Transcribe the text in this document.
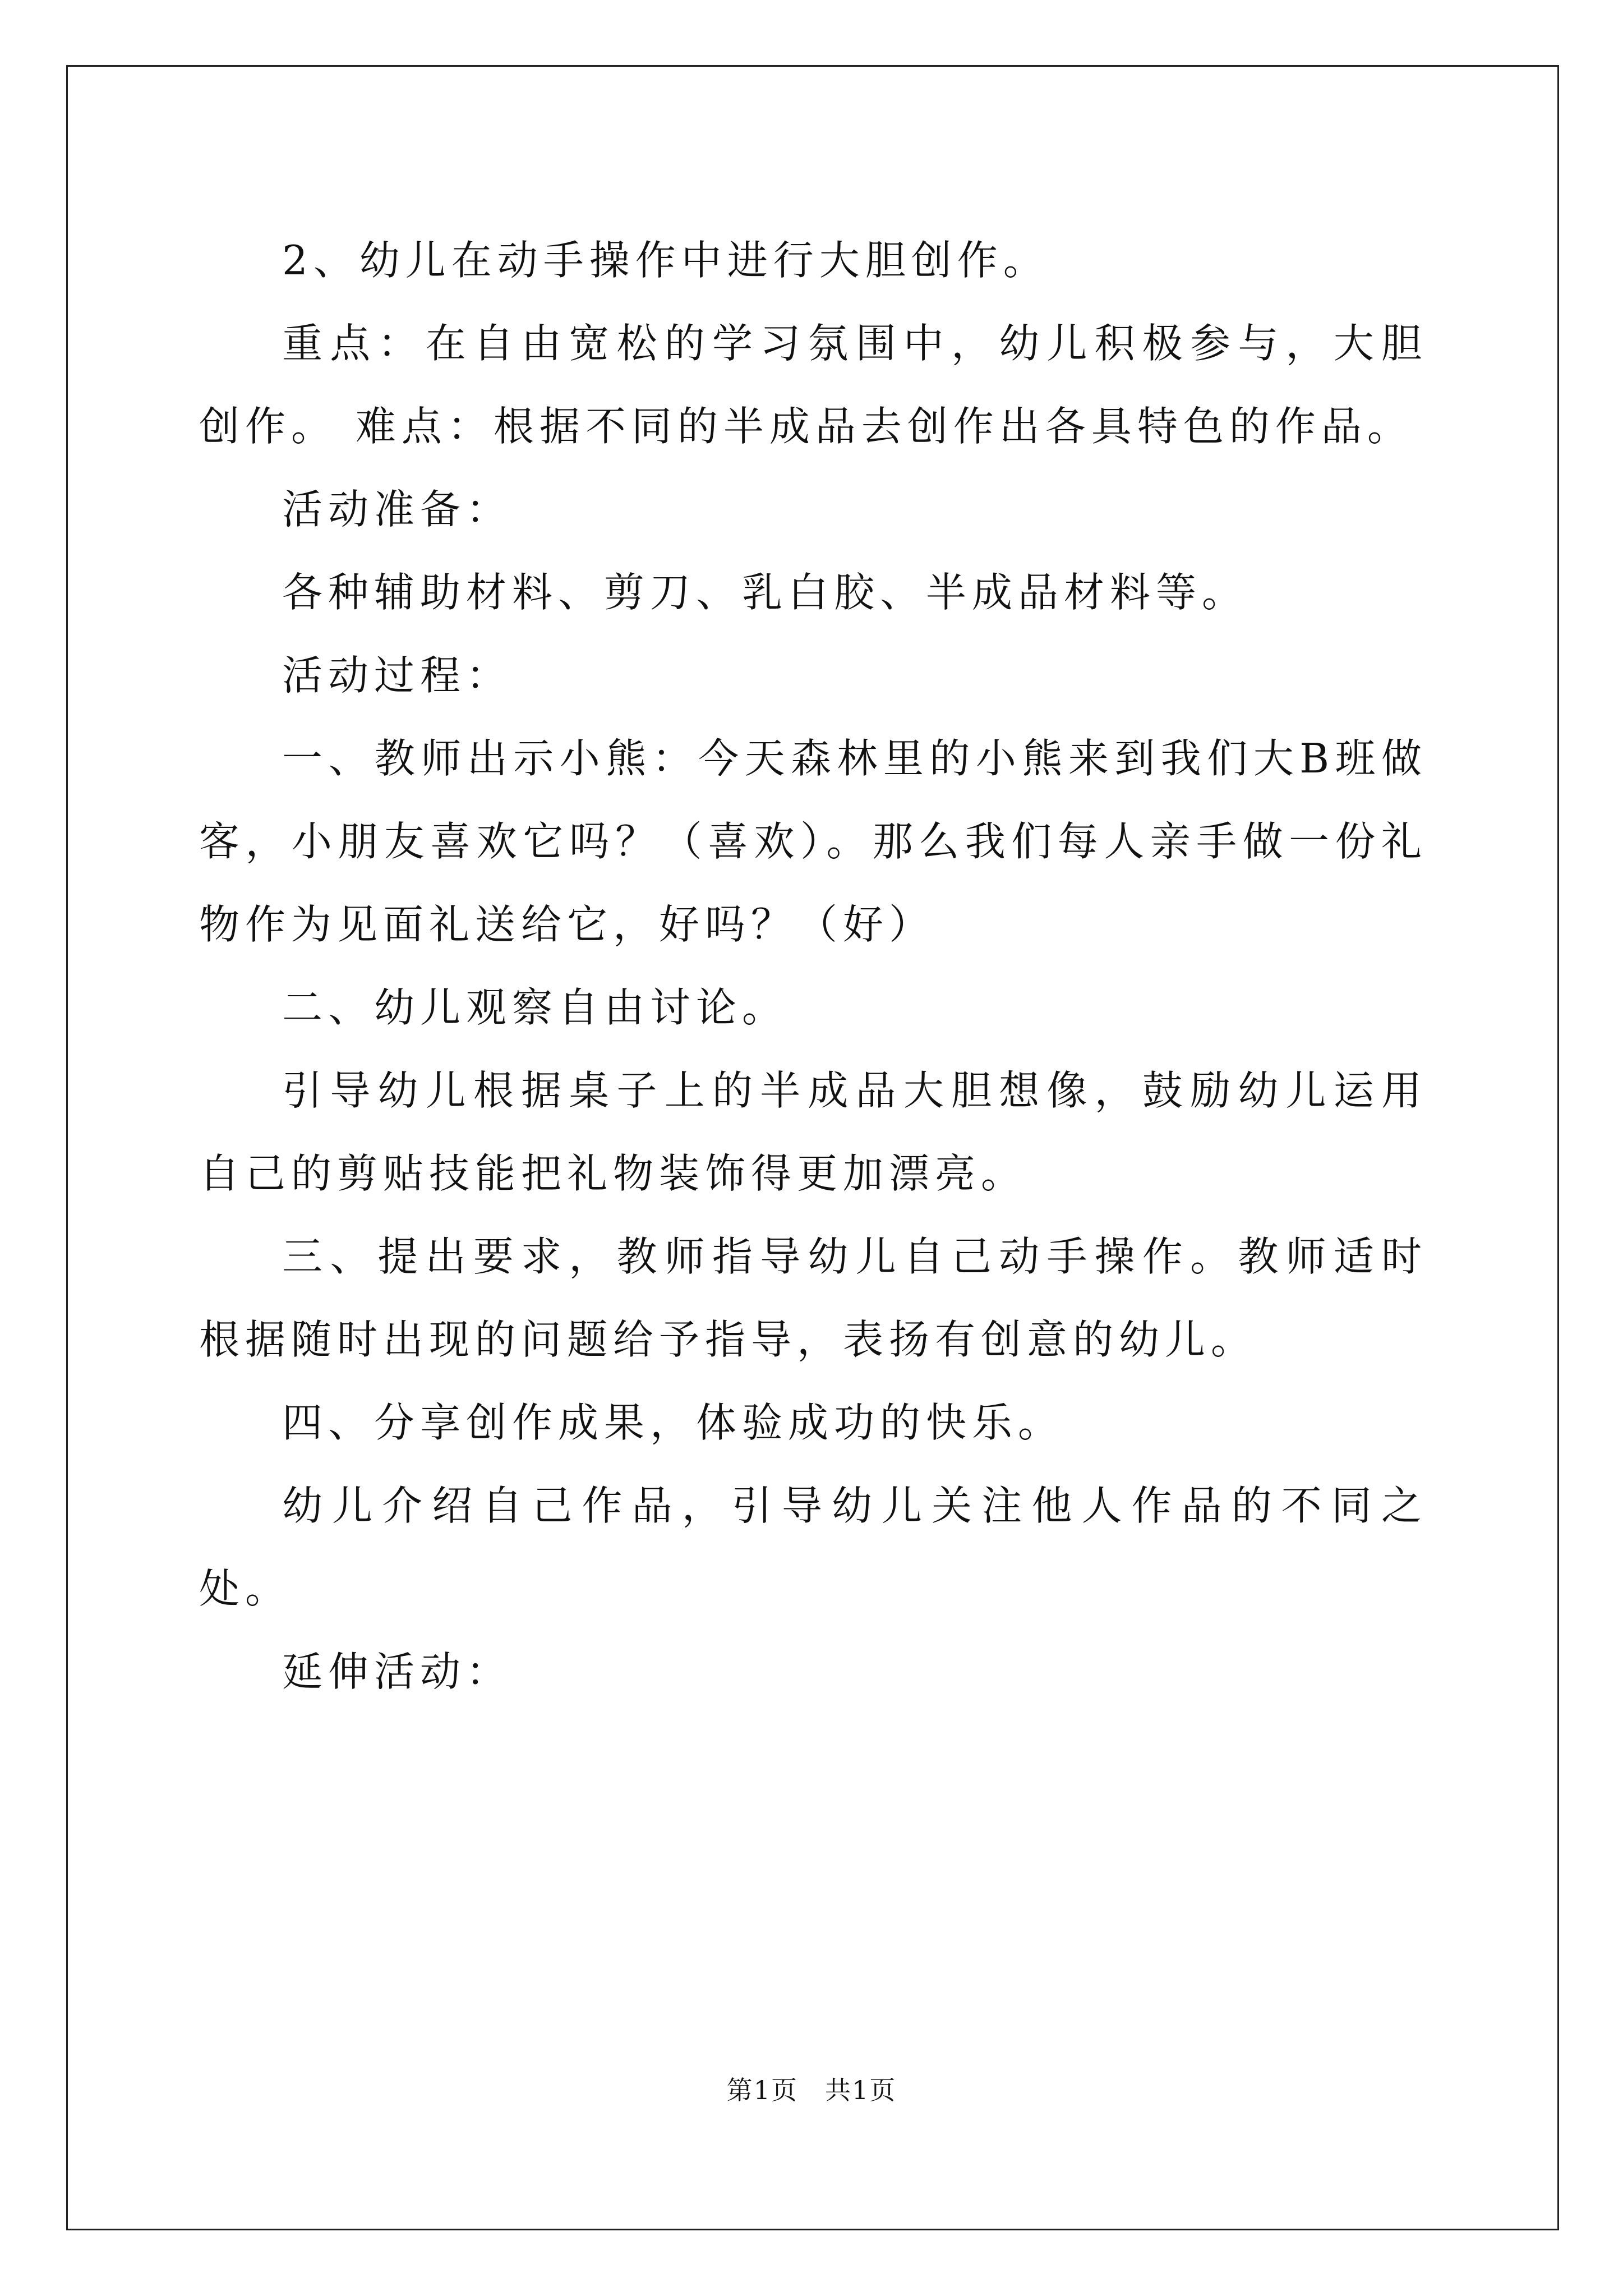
2、幼儿在动手操作中进行大胆创作。

重点：在自由宽松的学习氛围中，幼儿积极参与，大胆创作。 难点：根据不同的半成品去创作出各具特色的作品。

活动准备：

各种辅助材料、剪刀、乳白胶、半成品材料等。

活动过程：

一、教师出示小熊：今天森林里的小熊来到我们大B班做客，小朋友喜欢它吗？（喜欢）。那么我们每人亲手做一份礼物作为见面礼送给它，好吗？（好）

二、幼儿观察自由讨论。

引导幼儿根据桌子上的半成品大胆想像，鼓励幼儿运用自己的剪贴技能把礼物装饰得更加漂亮。

三、提出要求，教师指导幼儿自己动手操作。教师适时根据随时出现的问题给予指导，表扬有创意的幼儿。

四、分享创作成果，体验成功的快乐。

幼儿介绍自己作品，引导幼儿关注他人作品的不同之处。

延伸活动：

第1页　共1页
